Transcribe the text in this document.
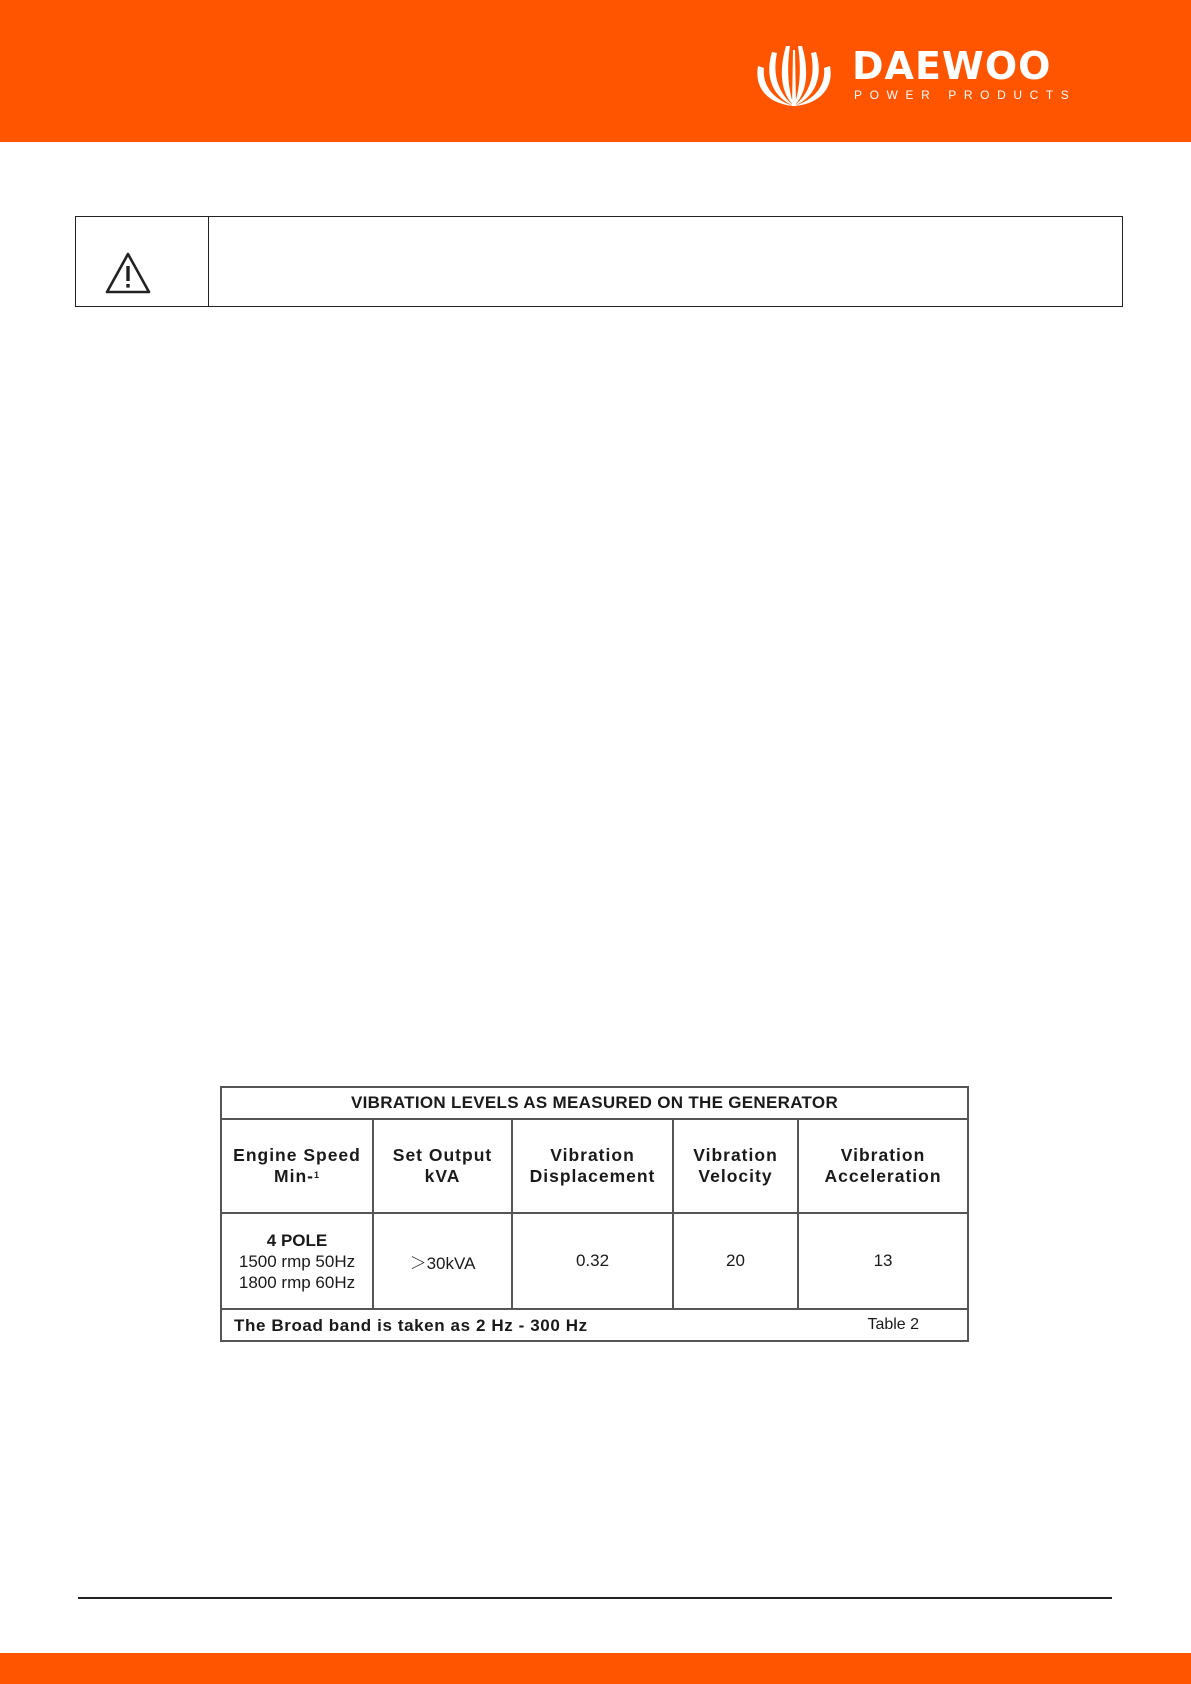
DAEWOO
POWER PRODUCTS
VIBRATION LEVELS AS MEASURED ON THE GENERATOR				
Engine Speed Min-$^1$	Set Output kVA	Vibration Displacement	Vibration Velocity	Vibration Acceleration

4 POLE
1500 rmp 50Hz
1800 rmp 60Hz	＞30kVA	0.32	20	13

The Broad band is taken as 2 Hz - 300 Hz Table 2				
